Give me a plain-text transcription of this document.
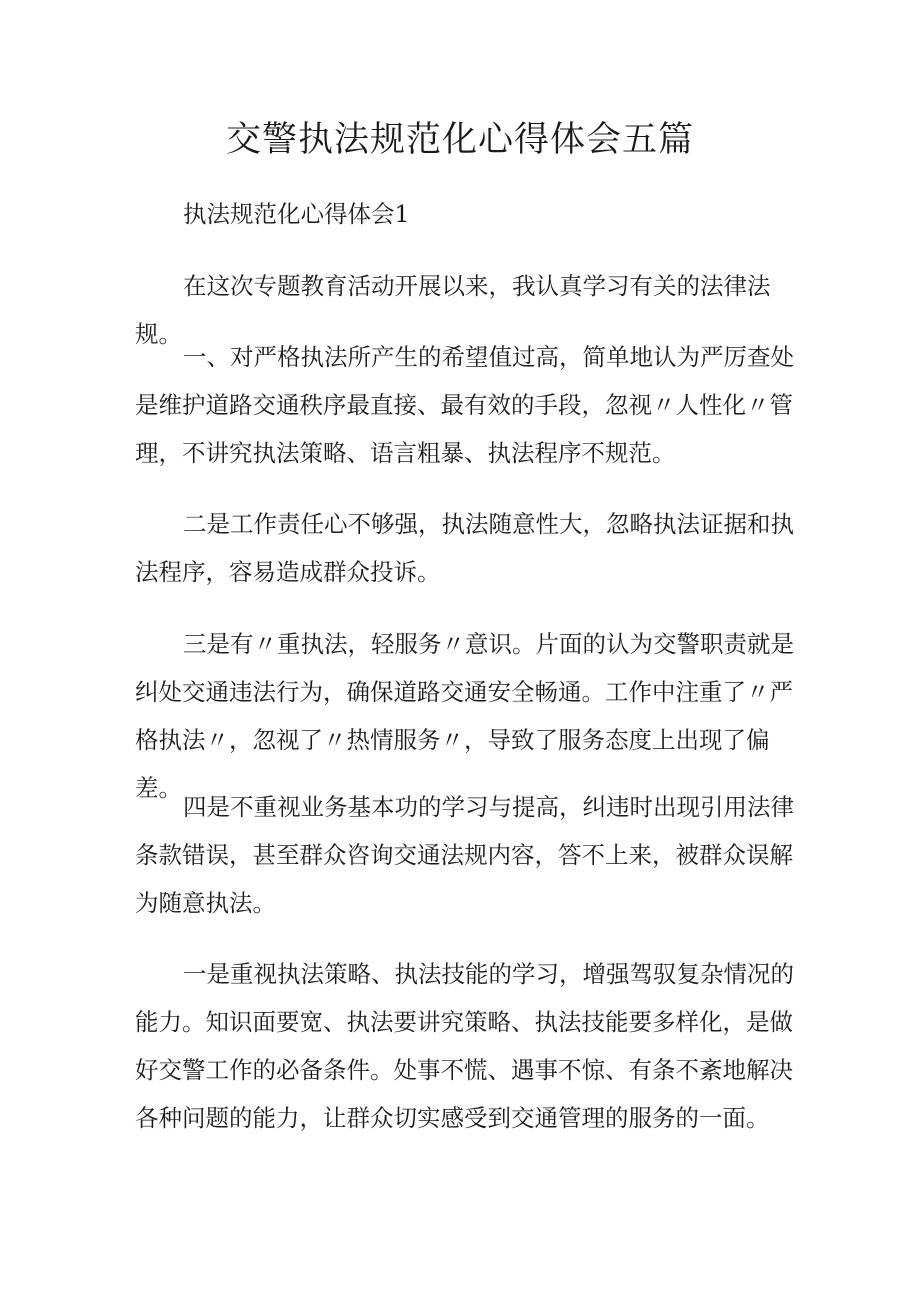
交警执法规范化心得体会五篇

执法规范化心得体会1

在这次专题教育活动开展以来，我认真学习有关的法律法规。

一、对严格执法所产生的希望值过高，简单地认为严厉查处是维护道路交通秩序最直接、最有效的手段，忽视〃人性化〃管理，不讲究执法策略、语言粗暴、执法程序不规范。

二是工作责任心不够强，执法随意性大，忽略执法证据和执法程序，容易造成群众投诉。

三是有〃重执法，轻服务〃意识。片面的认为交警职责就是纠处交通违法行为，确保道路交通安全畅通。工作中注重了〃严格执法〃，忽视了〃热情服务〃，导致了服务态度上出现了偏差。

四是不重视业务基本功的学习与提高，纠违时出现引用法律条款错误，甚至群众咨询交通法规内容，答不上来，被群众误解为随意执法。

一是重视执法策略、执法技能的学习，增强驾驭复杂情况的能力。知识面要宽、执法要讲究策略、执法技能要多样化，是做好交警工作的必备条件。处事不慌、遇事不惊、有条不紊地解决各种问题的能力，让群众切实感受到交通管理的服务的一面。
